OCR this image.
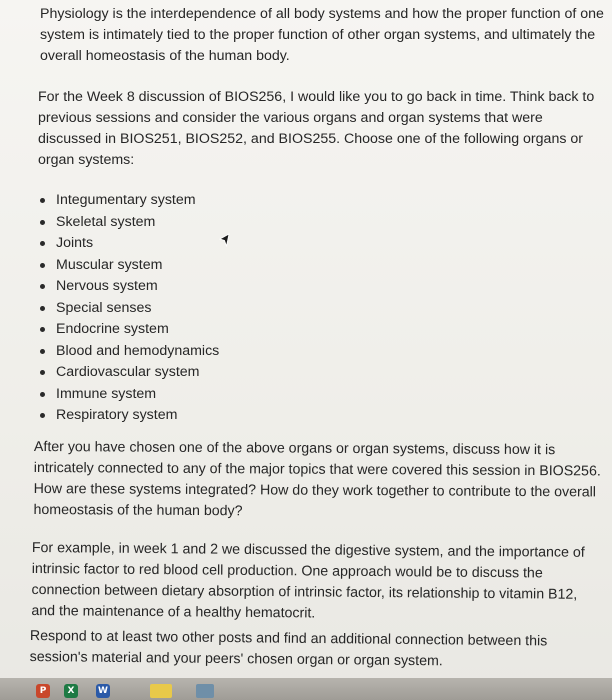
Physiology is the interdependence of all body systems and how the proper function of one system is intimately tied to the proper function of other organ systems, and ultimately the overall homeostasis of the human body.

For the Week 8 discussion of BIOS256, I would like you to go back in time. Think back to previous sessions and consider the various organs and organ systems that were discussed in BIOS251, BIOS252, and BIOS255. Choose one of the following organs or organ systems:

Integumentary system
Skeletal system
Joints
Muscular system
Nervous system
Special senses
Endocrine system
Blood and hemodynamics
Cardiovascular system
Immune system
Respiratory system

After you have chosen one of the above organs or organ systems, discuss how it is intricately connected to any of the major topics that were covered this session in BIOS256. How are these systems integrated? How do they work together to contribute to the overall homeostasis of the human body?

For example, in week 1 and 2 we discussed the digestive system, and the importance of intrinsic factor to red blood cell production. One approach would be to discuss the connection between dietary absorption of intrinsic factor, its relationship to vitamin B12, and the maintenance of a healthy hematocrit.

Respond to at least two other posts and find an additional connection between this session's material and your peers' chosen organ or organ system.

P	X	W
